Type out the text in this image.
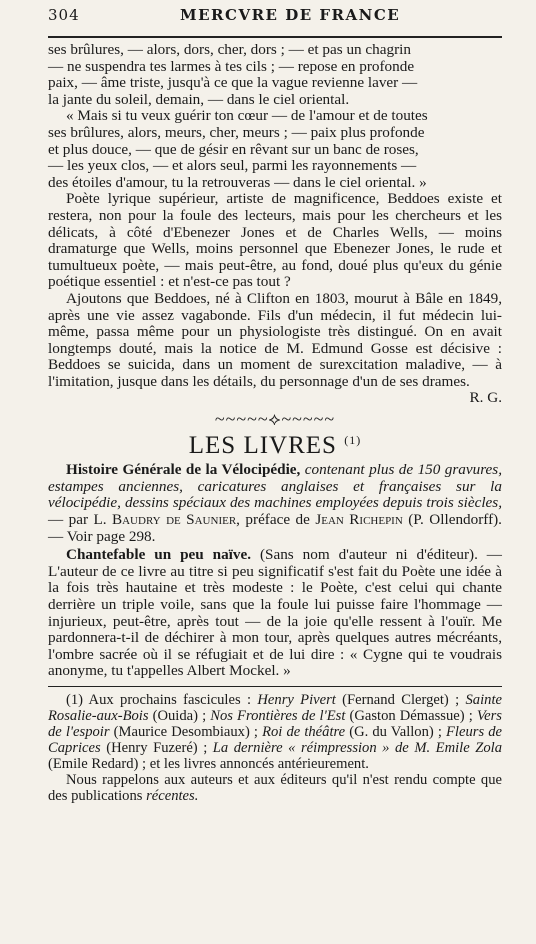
304	MERCVRE DE FRANCE

ses brûlures, — alors, dors, cher, dors ; — et pas un chagrin

— ne suspendra tes larmes à tes cils ; — repose en profonde

paix, — âme triste, jusqu'à ce que la vague revienne laver —

la jante du soleil, demain, — dans le ciel oriental.

« Mais si tu veux guérir ton cœur — de l'amour et de toutes

ses brûlures, alors, meurs, cher, meurs ; — paix plus profonde

et plus douce, — que de gésir en rêvant sur un banc de roses,

— les yeux clos, — et alors seul, parmi les rayonnements —

des étoiles d'amour, tu la retrouveras — dans le ciel oriental. »

Poète lyrique supérieur, artiste de magnificence, Beddoes existe et restera, non pour la foule des lecteurs, mais pour les chercheurs et les délicats, à côté d'Ebenezer Jones et de Charles Wells, — moins dramaturge que Wells, moins personnel que Ebenezer Jones, le rude et tumultueux poète, — mais peut-être, au fond, doué plus qu'eux du génie poétique essentiel : et n'est-ce pas tout ?

Ajoutons que Beddoes, né à Clifton en 1803, mourut à Bâle en 1849, après une vie assez vagabonde. Fils d'un médecin, il fut médecin lui-même, passa même pour un physiologiste très distingué. On en avait longtemps douté, mais la notice de M. Edmund Gosse est décisive : Beddoes se suicida, dans un moment de surexcitation maladive, — à l'imitation, jusque dans les détails, du personnage d'un de ses drames.

R. G.

~~~~~⟡~~~~~
LES LIVRES $^{(1)}$

Histoire Générale de la Vélocipédie, contenant plus de 150 gravures, estampes anciennes, caricatures anglaises et françaises sur la vélocipédie, dessins spéciaux des machines employées depuis trois siècles,— par L. Baudry de Saunier, préface de Jean Richepin (P. Ollendorff). — Voir page 298.

Chantefable un peu naïve. (Sans nom d'auteur ni d'éditeur). — L'auteur de ce livre au titre si peu significatif s'est fait du Poète une idée à la fois très hautaine et très modeste : le Poète, c'est celui qui chante derrière un triple voile, sans que la foule lui puisse faire l'hommage — injurieux, peut-être, après tout — de la joie qu'elle ressent à l'ouïr. Me pardonnera-t-il de déchirer à mon tour, après quelques autres mécréants, l'ombre sacrée où il se réfugiait et de lui dire : « Cygne qui te voudrais anonyme, tu t'appelles Albert Mockel. »

(1) Aux prochains fascicules : Henry Pivert (Fernand Clerget) ; Sainte Rosalie-aux-Bois (Ouida) ; Nos Frontières de l'Est (Gaston Démassue) ; Vers de l'espoir (Maurice Desombiaux) ; Roi de théâtre (G. du Vallon) ; Fleurs de Caprices (Henry Fuzeré) ; La dernière « réimpression » de M. Emile Zola (Emile Redard) ; et les livres annoncés antérieurement.

Nous rappelons aux auteurs et aux éditeurs qu'il n'est rendu compte que des publications récentes.
